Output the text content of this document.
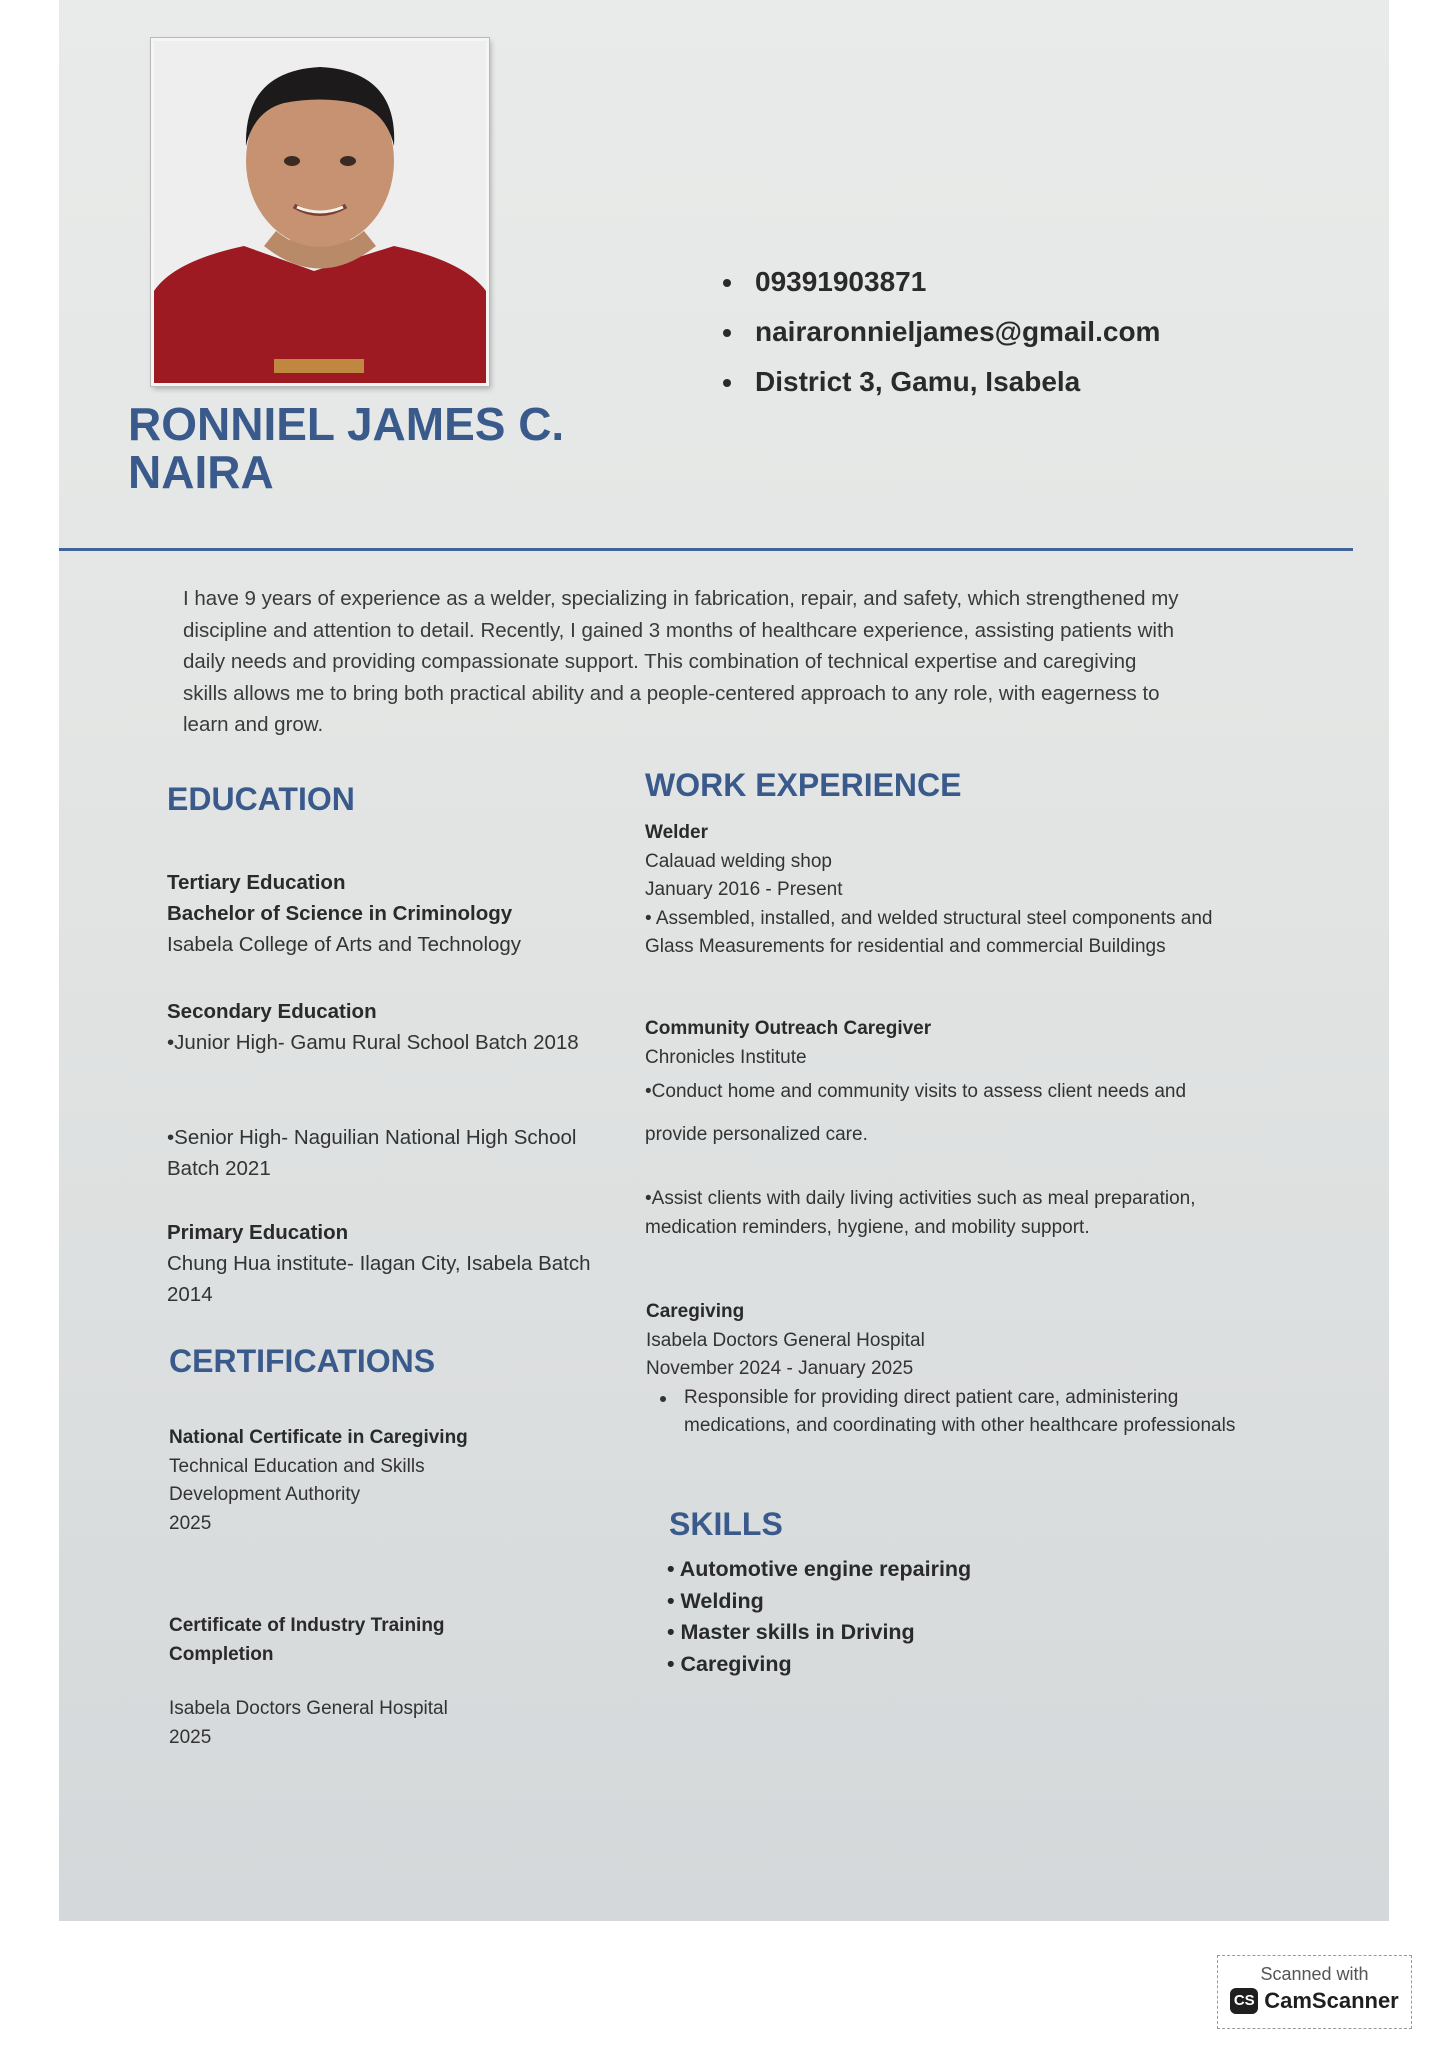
RONNIEL JAMES C. NAIRA
09391903871
nairaronnieljames@gmail.com
District 3, Gamu, Isabela

I have 9 years of experience as a welder, specializing in fabrication, repair, and safety, which strengthened my discipline and attention to detail. Recently, I gained 3 months of healthcare experience, assisting patients with daily needs and providing compassionate support. This combination of technical expertise and caregiving skills allows me to bring both practical ability and a people-centered approach to any role, with eagerness to learn and grow.

EDUCATION

Tertiary Education

Bachelor of Science in Criminology

Isabela College of Arts and Technology

Secondary Education

•Junior High- Gamu Rural School Batch 2018

•Senior High- Naguilian National High School Batch 2021

Primary Education

Chung Hua institute- Ilagan City, Isabela Batch 2014

CERTIFICATIONS

National Certificate in Caregiving

Technical Education and Skills Development Authority

2025

Certificate of Industry Training Completion

Isabela Doctors General Hospital

2025

WORK EXPERIENCE

Welder

Calauad welding shop

January 2016 - Present

• Assembled, installed, and welded structural steel components and Glass Measurements for residential and commercial Buildings

Community Outreach Caregiver

Chronicles Institute

•Conduct home and community visits to assess client needs and

provide personalized care.

•Assist clients with daily living activities such as meal preparation, medication reminders, hygiene, and mobility support.

Caregiving

Isabela Doctors General Hospital

November 2024 - January 2025

Responsible for providing direct patient care, administering medications, and coordinating with other healthcare professionals

SKILLS

• Automotive engine repairing

• Welding

• Master skills in Driving

• Caregiving

Scanned with
CS CamScanner
